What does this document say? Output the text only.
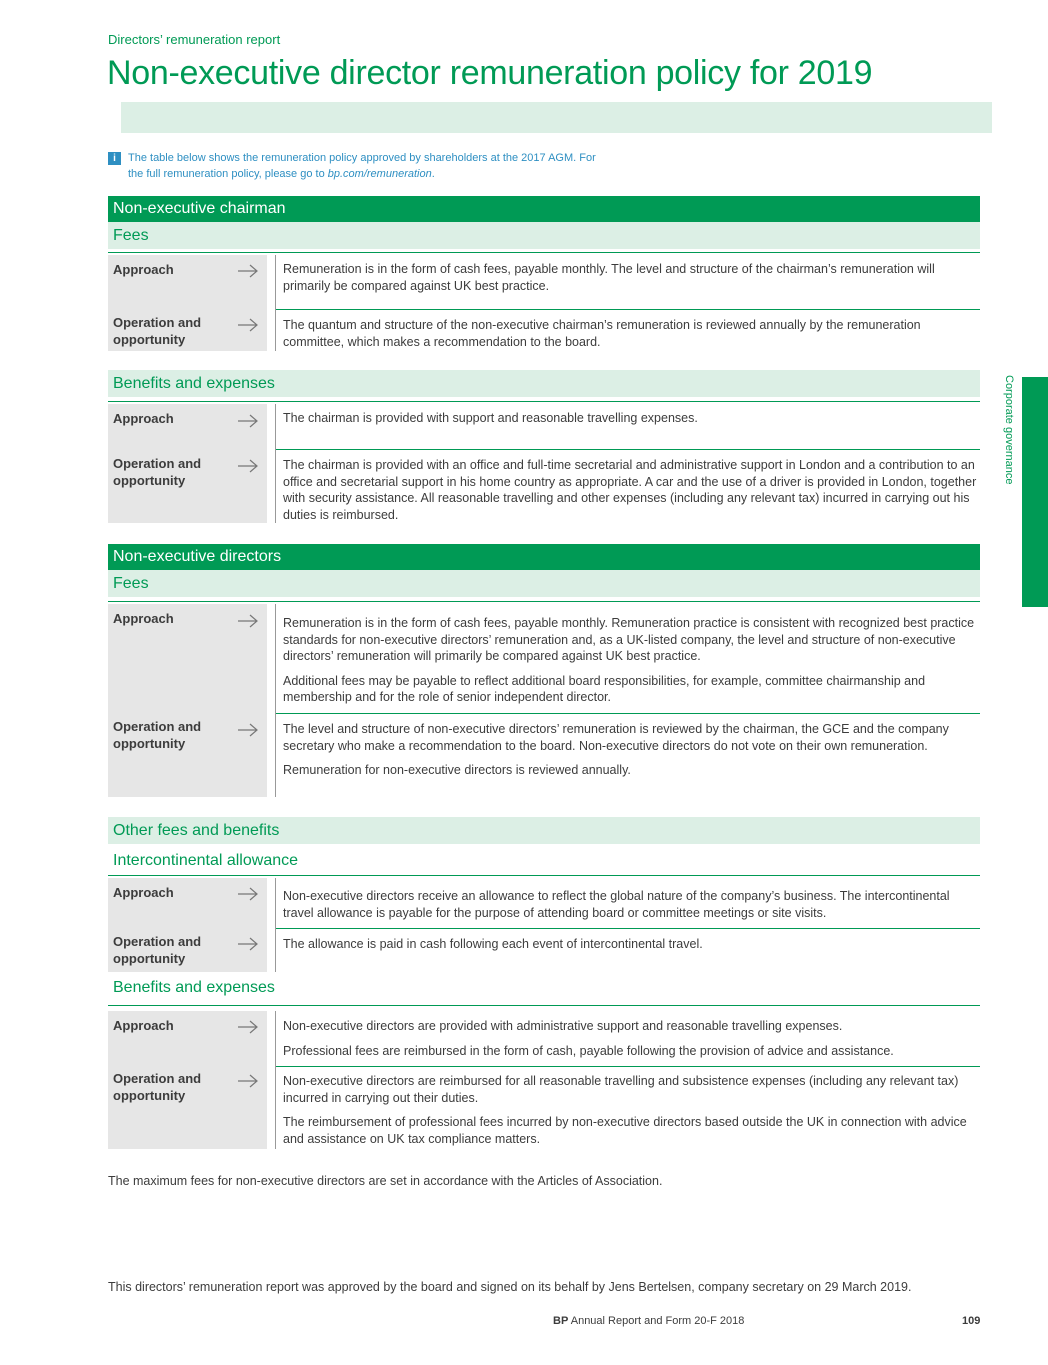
Directors’ remuneration report
Non-executive director remuneration policy for 2019
i	The table below shows the remuneration policy approved by shareholders at the 2017 AGM. For the full remuneration policy, please go to bp.com/remuneration.
Corporate governance
Non-executive chairman
Fees
Approach
Operation and opportunity

Remuneration is in the form of cash fees, payable monthly. The level and structure of the chairman’s remuneration will primarily be compared against UK best practice.

The quantum and structure of the non-executive chairman’s remuneration is reviewed annually by the remuneration committee, which makes a recommendation to the board.

Benefits and expenses
Approach
Operation and opportunity

The chairman is provided with support and reasonable travelling expenses.

The chairman is provided with an office and full-time secretarial and administrative support in London and a contribution to an office and secretarial support in his home country as appropriate. A car and the use of a driver is provided in London, together with security assistance. All reasonable travelling and other expenses (including any relevant tax) incurred in carrying out his duties is reimbursed.

Non-executive directors
Fees
Approach
Operation and opportunity

Remuneration is in the form of cash fees, payable monthly. Remuneration practice is consistent with recognized best practice standards for non-executive directors’ remuneration and, as a UK-listed company, the level and structure of non-executive directors’ remuneration will primarily be compared against UK best practice.

Additional fees may be payable to reflect additional board responsibilities, for example, committee chairmanship and membership and for the role of senior independent director.

The level and structure of non-executive directors’ remuneration is reviewed by the chairman, the GCE and the company secretary who make a recommendation to the board. Non-executive directors do not vote on their own remuneration.

Remuneration for non-executive directors is reviewed annually.

Other fees and benefits
Intercontinental allowance
Approach
Operation and opportunity

Non-executive directors receive an allowance to reflect the global nature of the company’s business. The intercontinental travel allowance is payable for the purpose of attending board or committee meetings or site visits.

The allowance is paid in cash following each event of intercontinental travel.

Benefits and expenses
Approach
Operation and opportunity

Non-executive directors are provided with administrative support and reasonable travelling expenses.

Professional fees are reimbursed in the form of cash, payable following the provision of advice and assistance.

Non-executive directors are reimbursed for all reasonable travelling and subsistence expenses (including any relevant tax) incurred in carrying out their duties.

The reimbursement of professional fees incurred by non-executive directors based outside the UK in connection with advice and assistance on UK tax compliance matters.

The maximum fees for non-executive directors are set in accordance with the Articles of Association.
This directors’ remuneration report was approved by the board and signed on its behalf by Jens Bertelsen, company secretary on 29 March 2019.
BP Annual Report and Form 20-F 2018	109
